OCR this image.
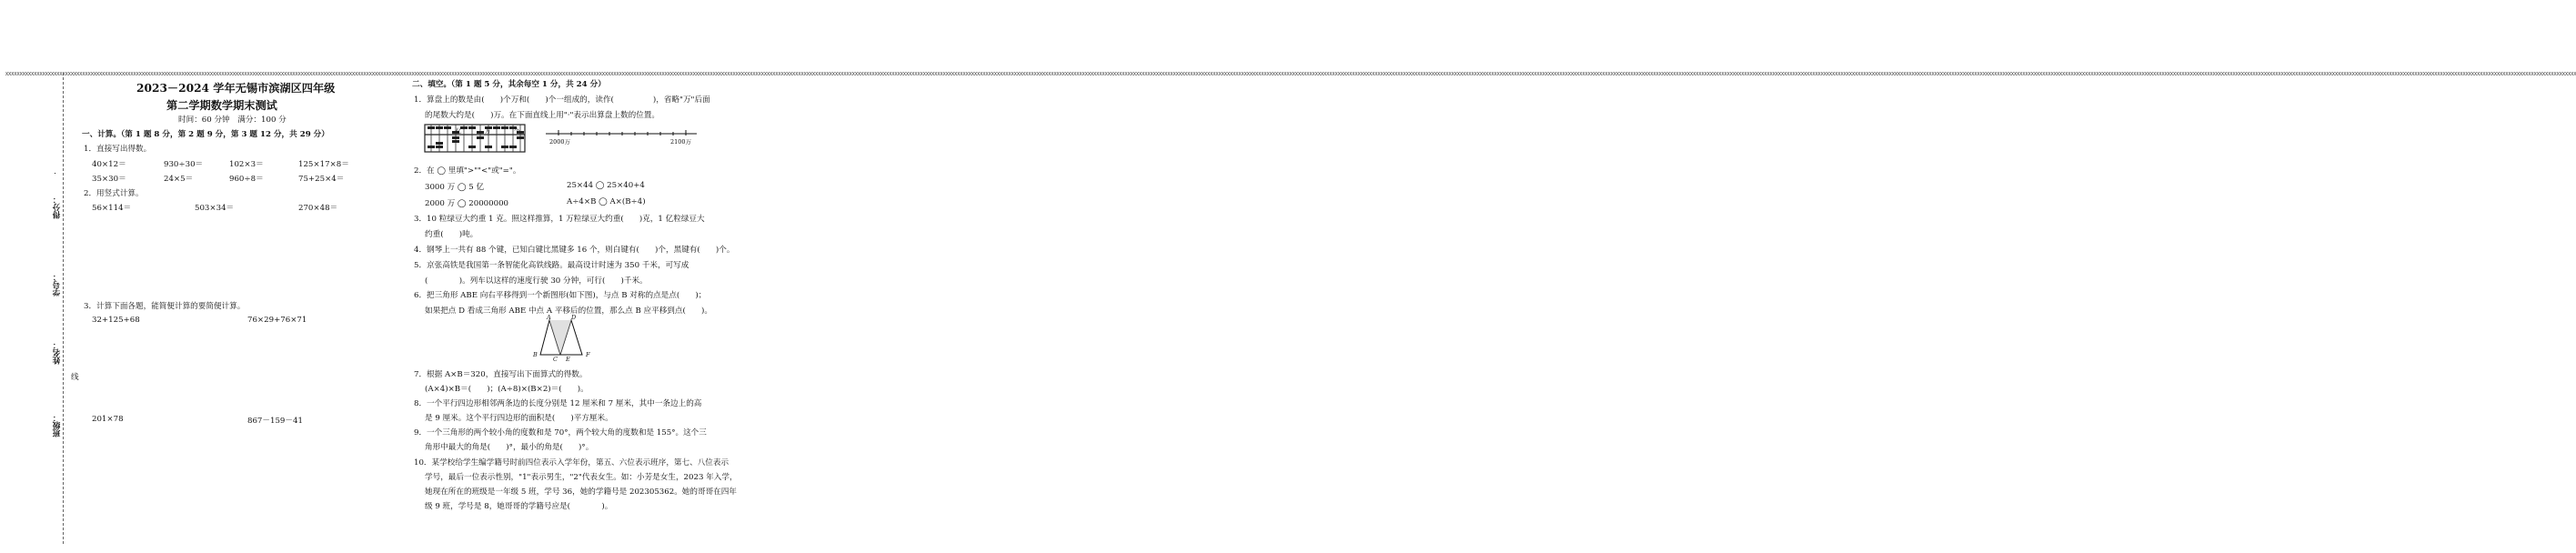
XXXXXXXXXXXXXXXXXXXXXXXXXXXXXXXXXXXXXXXXXXXXXXXXXXXXXXXXXXXXXXXXXXXXXXXXXXXXXXXXXXXXXXXXXXXXXXXXXXXXXXXXXXXXXXXXXXXXXXXXXXXXXXXXXXXXXXXXXXXXXXXXXXXXXXXXXXXXXXXXXXXXXXXXXXXXXXXXXXXXXXXXXXXXXXXXXXXXXXXXXXXXXXXXXXXXXXXXXXXXXXXXXXXXXXXXXXXXXXXXXXXXXXXXXXXXXXXXXXXXXXXXXXXXXXXXXXXXXXXXXXXXXXXXXXXXXXXXXXXXXXXXXXXXXXXXXXXXXXXXXXXXXXXXXXXXXXXXXXXXXXXXXXXXXXXXXXXXXXXXXXXXXXXXXXXXXXXXXXXXXXXXXXXXXXXXXXXXXXXXXXXXXXXXXXXXXXXXXXXXXXXXXXXXXXXXXXXXXXXXXXXXXXXXXXXXXXXXXXXXXXXXXXXXXXXXXXXXXXXXXXXXXXXXXXXXXXXXXXXXXXXXXXXXXXXXXXXXXXXXXXXXXXXXXXXXXXXXXXXXXXXXXXXXXXXXXXXXXXXXXXXXXXXXXXXXXXXXXXXXXXXXXXXXXXXXXXXXXXXXXXXXXXXXXXXXXXXXXXXXXXXXXXXXXXXXXXXXXXXXXXXXXXXXXXXXXXXXXXXXXXXXXXXXXXXXXXXXXXXXXXXXXXXXXXXXXXXXXXXXXXXXXXXXXXXXXXXXXXXXXXXXXXXXXXXXXXXXXXXXXXXXXXXXXXXXXXXXXXXXXXXXXXXXXXXXXXXXXXXXXXXXXXXXXXXXXXXXXXXXXXXXXXXXXXXXXXXXXXXXXXXXXXXXXXXXXXXXXXXXXXXXXXXXXXXXXXXXXXXXXXXXXXXXXXXXXXXXXXXXXXXXXXXXXXXXXXXXXXXXXXXXX
得分：
学号：
姓名：
班级：
线
2023－2024 学年无锡市滨湖区四年级
第二学期数学期末测试
时间：60 分钟　满分：100 分
一、计算。（第 1 题 8 分，第 2 题 9 分，第 3 题 12 分，共 29 分）
1．直接写出得数。
40×12＝	930÷30＝	102×3＝	125×17×8＝
35×30＝	24×5＝	960÷8＝	75+25×4＝
2．用竖式计算。
56×114＝	503×34＝	270×48＝
3．计算下面各题，能简便计算的要简便计算。
32+125+68	76×29+76×71
201×78	867－159－41
二、填空。（第 1 题 5 分，其余每空 1 分，共 24 分）
1．算盘上的数是由(　　)个万和(　　)个一组成的，读作(　　　　　)，省略"万"后面
的尾数大约是(　　)万。在下面直线上用"·"表示出算盘上数的位置。
亿	万	个
2000万	2100万
2．在 ◯ 里填">""<"或"="。
3000 万 ◯ 5 亿	25×44 ◯ 25×40+4
2000 万 ◯ 20000000	A÷4×B ◯ A×(B÷4)
3．10 粒绿豆大约重 1 克。照这样推算，1 万粒绿豆大约重(　　)克，1 亿粒绿豆大
约重(　　)吨。
4．钢琴上一共有 88 个键，已知白键比黑键多 16 个，则白键有(　　)个，黑键有(　　)个。
5．京张高铁是我国第一条智能化高铁线路。最高设计时速为 350 千米，可写成
(　　　　)。列车以这样的速度行驶 30 分钟，可行(　　)千米。
6．把三角形 ABE 向右平移得到一个新图形(如下图)，与点 B 对称的点是点(　　)；
如果把点 D 看成三角形 ABE 中点 A 平移后的位置，那么点 B 应平移到点(　　)。
A	D
B
C E
F
7．根据 A×B＝320，直接写出下面算式的得数。
(A×4)×B＝(　　)；(A÷8)×(B×2)＝(　　)。
8．一个平行四边形相邻两条边的长度分别是 12 厘米和 7 厘米，其中一条边上的高
是 9 厘米。这个平行四边形的面积是(　　)平方厘米。
9．一个三角形的两个较小角的度数和是 70°，两个较大角的度数和是 155°。这个三
角形中最大的角是(　　)°，最小的角是(　　)°。
10．某学校给学生编学籍号时前四位表示入学年份，第五、六位表示班序，第七、八位表示
学号，最后一位表示性别，"1"表示男生，"2"代表女生。如：小芳是女生，2023 年入学，
她现在所在的班级是一年级 5 班，学号 36，她的学籍号是 202305362。她的哥哥在四年
级 9 班，学号是 8，她哥哥的学籍号应是(　　　　)。
